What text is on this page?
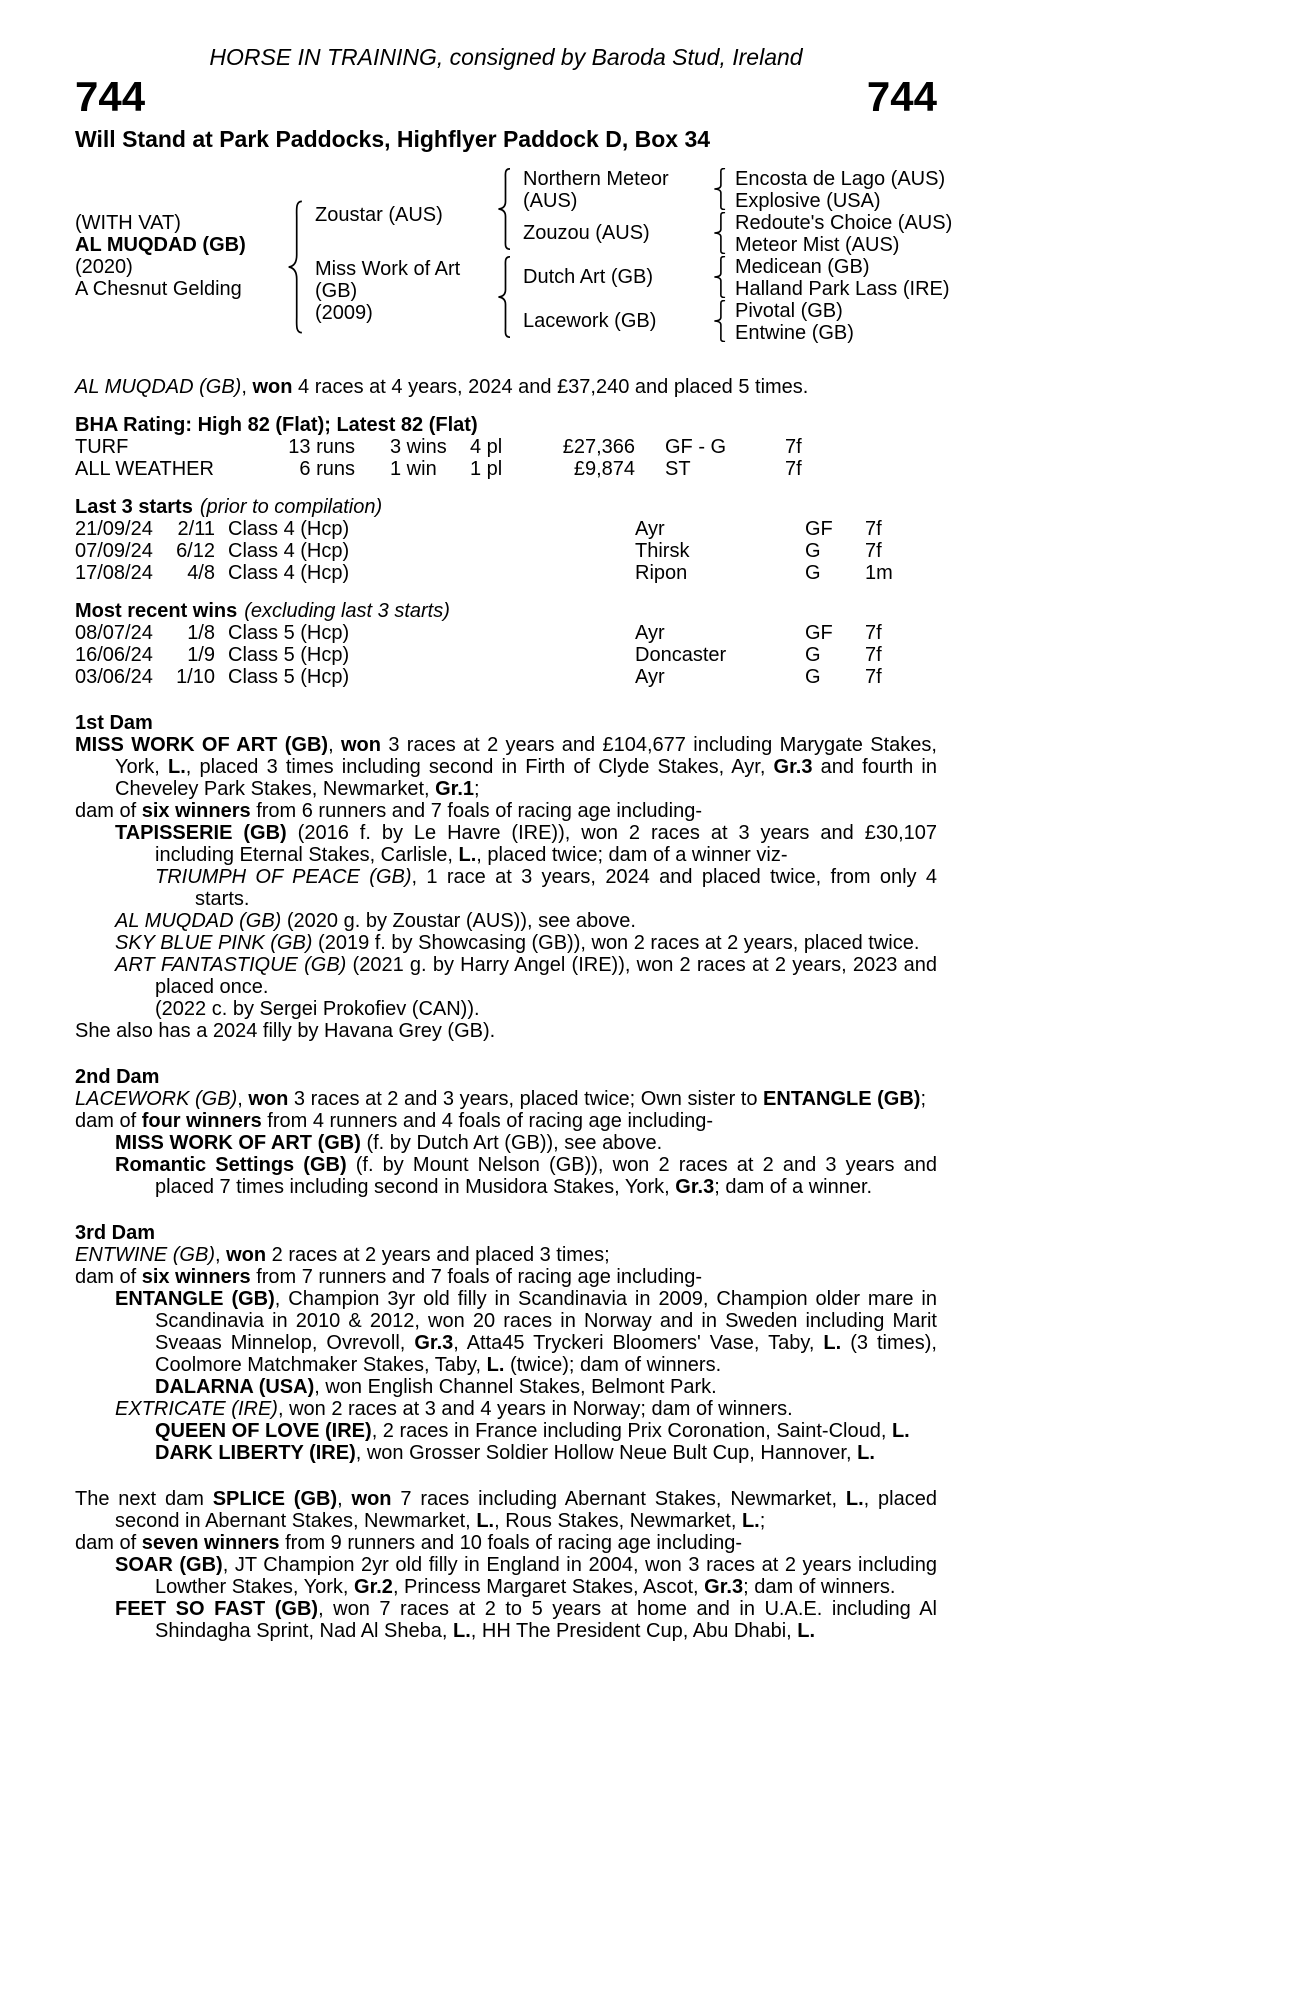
HORSE IN TRAINING, consigned by Baroda Stud, Ireland
744	744
Will Stand at Park Paddocks, Highflyer Paddock D, Box 34
(WITH VAT)
AL MUQDAD (GB)
(2020)
A Chesnut Gelding
Zoustar (AUS)
Miss Work of Art (GB)
(2009)
Northern Meteor (AUS)
Zouzou (AUS)
Dutch Art (GB)
Lacework (GB)
Encosta de Lago (AUS)
Explosive (USA)
Redoute's Choice (AUS)
Meteor Mist (AUS)
Medicean (GB)
Halland Park Lass (IRE)
Pivotal (GB)
Entwine (GB)

AL MUQDAD (GB), won 4 races at 4 years, 2024 and £37,240 and placed 5 times.

BHA Rating: High 82 (Flat); Latest 82 (Flat)
TURF	13 runs	3 wins	4 pl	£27,366	GF - G	7f
ALL WEATHER	6 runs	1 win	1 pl	£9,874	ST	7f
Last 3 starts (prior to compilation)
21/09/24	2/11 Class 4 (Hcp)	Ayr	GF	7f
07/09/24	6/12 Class 4 (Hcp)	Thirsk	G	7f
17/08/24	4/8 Class 4 (Hcp)	Ripon	G	1m
Most recent wins (excluding last 3 starts)
08/07/24	1/8 Class 5 (Hcp)	Ayr	GF	7f
16/06/24	1/9 Class 5 (Hcp)	Doncaster	G	7f
03/06/24	1/10 Class 5 (Hcp)	Ayr	G	7f
1st Dam

MISS WORK OF ART (GB), won 3 races at 2 years and £104,677 including Marygate Stakes, York, L., placed 3 times including second in Firth of Clyde Stakes, Ayr, Gr.3 and fourth in Cheveley Park Stakes, Newmarket, Gr.1;

dam of six winners from 6 runners and 7 foals of racing age including-

TAPISSERIE (GB) (2016 f. by Le Havre (IRE)), won 2 races at 3 years and £30,107 including Eternal Stakes, Carlisle, L., placed twice; dam of a winner viz-

TRIUMPH OF PEACE (GB), 1 race at 3 years, 2024 and placed twice, from only 4 starts.

AL MUQDAD (GB) (2020 g. by Zoustar (AUS)), see above.

SKY BLUE PINK (GB) (2019 f. by Showcasing (GB)), won 2 races at 2 years, placed twice.

ART FANTASTIQUE (GB) (2021 g. by Harry Angel (IRE)), won 2 races at 2 years, 2023 and placed once.

(2022 c. by Sergei Prokofiev (CAN)).

She also has a 2024 filly by Havana Grey (GB).

2nd Dam

LACEWORK (GB), won 3 races at 2 and 3 years, placed twice; Own sister to ENTANGLE (GB);

dam of four winners from 4 runners and 4 foals of racing age including-

MISS WORK OF ART (GB) (f. by Dutch Art (GB)), see above.

Romantic Settings (GB) (f. by Mount Nelson (GB)), won 2 races at 2 and 3 years and placed 7 times including second in Musidora Stakes, York, Gr.3; dam of a winner.

3rd Dam

ENTWINE (GB), won 2 races at 2 years and placed 3 times;

dam of six winners from 7 runners and 7 foals of racing age including-

ENTANGLE (GB), Champion 3yr old filly in Scandinavia in 2009, Champion older mare in Scandinavia in 2010 & 2012, won 20 races in Norway and in Sweden including Marit Sveaas Minnelop, Ovrevoll, Gr.3, Atta45 Tryckeri Bloomers' Vase, Taby, L. (3 times), Coolmore Matchmaker Stakes, Taby, L. (twice); dam of winners.

DALARNA (USA), won English Channel Stakes, Belmont Park.

EXTRICATE (IRE), won 2 races at 3 and 4 years in Norway; dam of winners.

QUEEN OF LOVE (IRE), 2 races in France including Prix Coronation, Saint-Cloud, L.

DARK LIBERTY (IRE), won Grosser Soldier Hollow Neue Bult Cup, Hannover, L.

The next dam SPLICE (GB), won 7 races including Abernant Stakes, Newmarket, L., placed second in Abernant Stakes, Newmarket, L., Rous Stakes, Newmarket, L.;

dam of seven winners from 9 runners and 10 foals of racing age including-

SOAR (GB), JT Champion 2yr old filly in England in 2004, won 3 races at 2 years including Lowther Stakes, York, Gr.2, Princess Margaret Stakes, Ascot, Gr.3; dam of winners.

FEET SO FAST (GB), won 7 races at 2 to 5 years at home and in U.A.E. including Al Shindagha Sprint, Nad Al Sheba, L., HH The President Cup, Abu Dhabi, L.
